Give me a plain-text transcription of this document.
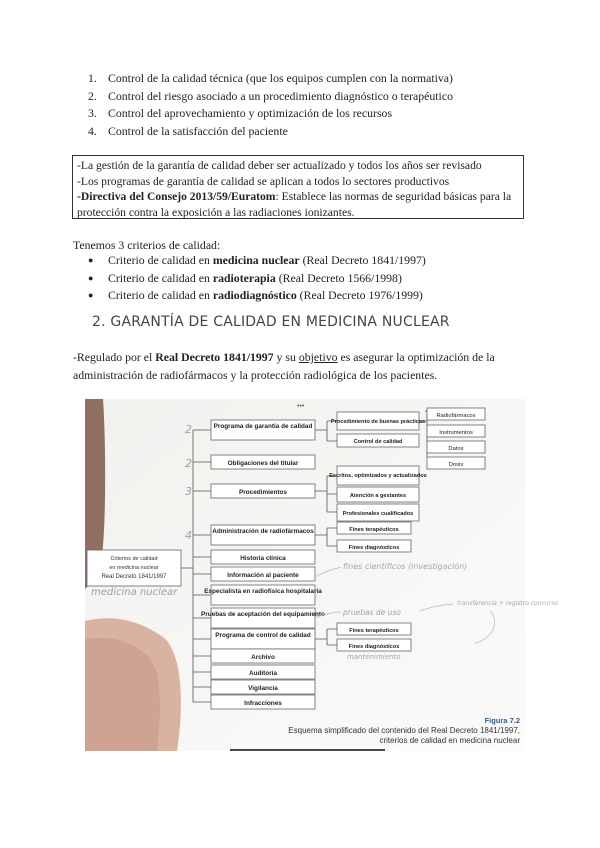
1. Control de la calidad técnica (que los equipos cumplen con la normativa)
2. Control del riesgo asociado a un procedimiento diagnóstico o terapéutico
3. Control del aprovechamiento y optimización de los recursos
4. Control de la satisfacción del paciente
-La gestión de la garantía de calidad deber ser actualizado y todos los años ser revisado
-Los programas de garantía de calidad se aplican a todos lo sectores productivos
-Directiva del Consejo 2013/59/Euratom: Establece las normas de seguridad básicas para la protección contra la exposición a las radiaciones ionizantes.
Tenemos 3 criterios de calidad:
●	Criterio de calidad en medicina nuclear (Real Decreto 1841/1997)
●	Criterio de calidad en radioterapia (Real Decreto 1566/1998)
●	Criterio de calidad en radiodiagnóstico (Real Decreto 1976/1999)
2. GARANTÍA DE CALIDAD EN MEDICINA NUCLEAR
-Regulado por el Real Decreto 1841/1997 y su objetivo es asegurar la optimización de la administración de radiofármacos y la protección radiológica de los pacientes.
•••
2
2
3
4
Criterios de calidad
en medicina nuclear
Real Decreto 1841/1997
medicina nuclear
Programa de garantía de calidad
Obligaciones del titular
Procedimientos
Administración de radiofármacos
Historia clínica
Información al paciente
Especialista en radiofísica hospitalaria
Pruebas de aceptación del equipamiento
Programa de control de calidad
Archivo
Auditoría
Vigilancia
Infracciones
Procedimiento de buenas prácticas
Control de calidad
Escritos, optimizados y actualizados
Atención a gestantes
Profesionales cualificados
Fines terapéuticos
Fines diagnósticos
Fines terapéuticos
Fines diagnósticos
Radiofármacos
Instrumentos
Datos
Dosis
fines científicos (investigación)
pruebas de uso
transferencia + registro concurso
mantenimiento
Figura 7.2
Esquema simplificado del contenido del Real Decreto 1841/1997,
criterios de calidad en medicina nuclear
